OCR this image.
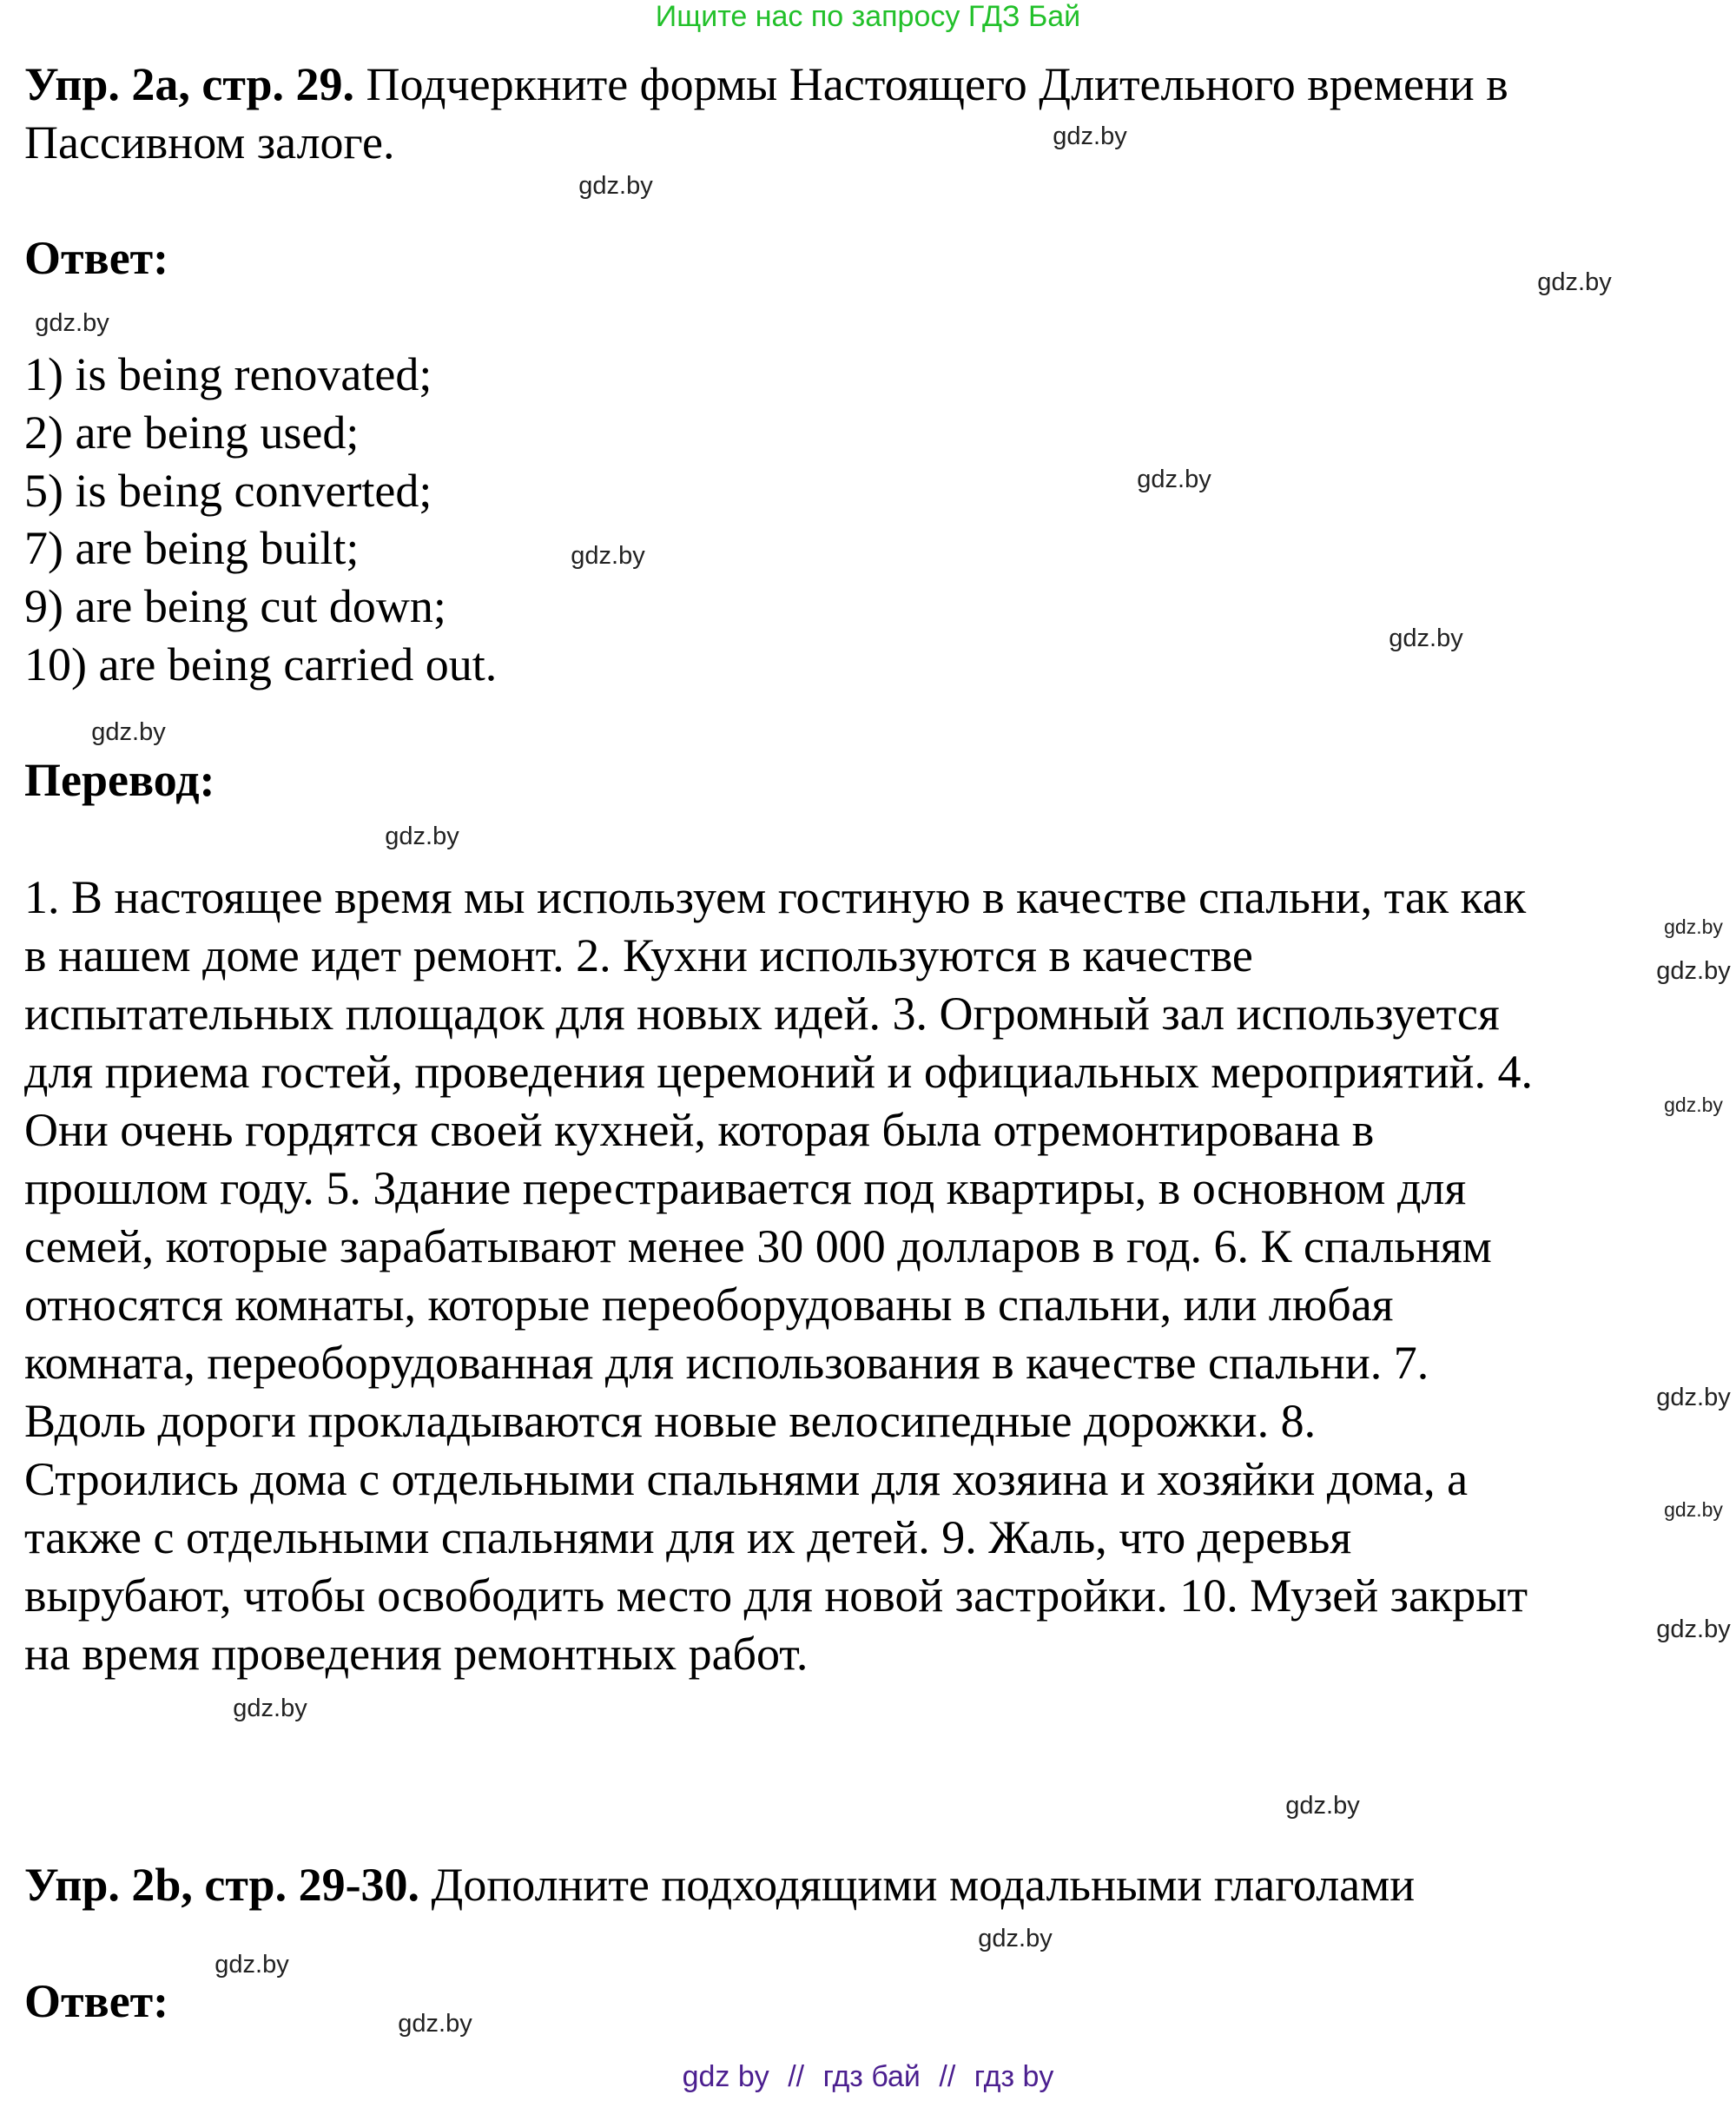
Ищите нас по запросу ГДЗ Бай
Упр. 2а, стр. 29. Подчеркните формы Настоящего Длительного времени в
Пассивном залоге.
Ответ:
1) is being renovated;
2) are being used;
5) is being converted;
7) are being built;
9) are being cut down;
10) are being carried out.
Перевод:
1. В настоящее время мы используем гостиную в качестве спальни, так как
в нашем доме идет ремонт. 2. Кухни используются в качестве
испытательных площадок для новых идей. 3. Огромный зал используется
для приема гостей, проведения церемоний и официальных мероприятий. 4.
Они очень гордятся своей кухней, которая была отремонтирована в
прошлом году. 5. Здание перестраивается под квартиры, в основном для
семей, которые зарабатывают менее 30 000 долларов в год. 6. К спальням
относятся комнаты, которые переоборудованы в спальни, или любая
комната, переоборудованная для использования в качестве спальни. 7.
Вдоль дороги прокладываются новые велосипедные дорожки. 8.
Строились дома с отдельными спальнями для хозяина и хозяйки дома, а
также с отдельными спальнями для их детей. 9. Жаль, что деревья
вырубают, чтобы освободить место для новой застройки. 10. Музей закрыт
на время проведения ремонтных работ.
Упр. 2b, стр. 29-30. Дополните подходящими модальными глаголами
Ответ:
gdz.by
gdz.by
gdz.by
gdz.by
gdz.by
gdz.by
gdz.by
gdz.by
gdz.by
gdz.by
gdz.by
gdz.by
gdz.by
gdz.by
gdz.by
gdz.by
gdz.by
gdz.by
gdz.by
gdz.by
gdz by // гдз бай // гдз by
